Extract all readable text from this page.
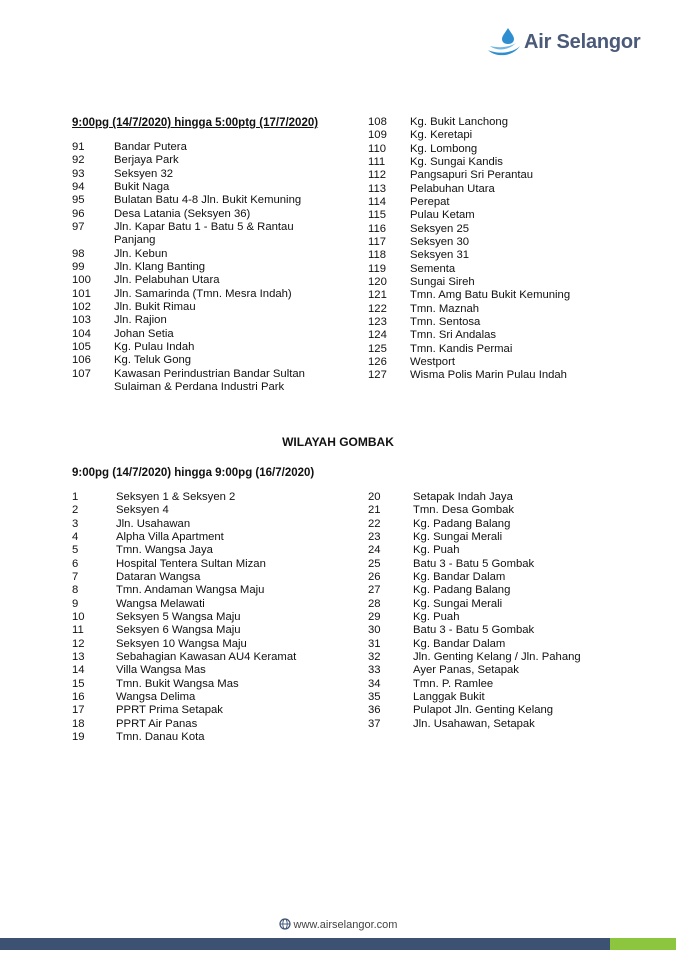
Air Selangor
9:00pg (14/7/2020) hingga 5:00ptg (17/7/2020)
91	Bandar Putera
92	Berjaya Park
93	Seksyen 32
94	Bukit Naga
95	Bulatan Batu 4-8 Jln. Bukit Kemuning
96	Desa Latania (Seksyen 36)
97	Jln. Kapar Batu 1 - Batu 5 & Rantau Panjang
98	Jln. Kebun
99	Jln. Klang Banting
100	Jln. Pelabuhan Utara
101	Jln. Samarinda (Tmn. Mesra Indah)
102	Jln. Bukit Rimau
103	Jln. Rajion
104	Johan Setia
105	Kg. Pulau Indah
106	Kg. Teluk Gong
107	Kawasan Perindustrian Bandar Sultan Sulaiman & Perdana Industri Park
108	Kg. Bukit Lanchong
109	Kg. Keretapi
110	Kg. Lombong
111	Kg. Sungai Kandis
112	Pangsapuri Sri Perantau
113	Pelabuhan Utara
114	Perepat
115	Pulau Ketam
116	Seksyen 25
117	Seksyen 30
118	Seksyen 31
119	Sementa
120	Sungai Sireh
121	Tmn. Amg Batu Bukit Kemuning
122	Tmn. Maznah
123	Tmn. Sentosa
124	Tmn. Sri Andalas
125	Tmn. Kandis Permai
126	Westport
127	Wisma Polis Marin Pulau Indah
WILAYAH GOMBAK
9:00pg (14/7/2020) hingga 9:00pg (16/7/2020)
1	Seksyen 1 & Seksyen 2
2	Seksyen 4
3	Jln. Usahawan
4	Alpha Villa Apartment
5	Tmn. Wangsa Jaya
6	Hospital Tentera Sultan Mizan
7	Dataran Wangsa
8	Tmn. Andaman Wangsa Maju
9	Wangsa Melawati
10	Seksyen 5 Wangsa Maju
11	Seksyen 6 Wangsa Maju
12	Seksyen 10 Wangsa Maju
13	Sebahagian Kawasan AU4 Keramat
14	Villa Wangsa Mas
15	Tmn. Bukit Wangsa Mas
16	Wangsa Delima
17	PPRT Prima Setapak
18	PPRT Air Panas
19	Tmn. Danau Kota
20	Setapak Indah Jaya
21	Tmn. Desa Gombak
22	Kg. Padang Balang
23	Kg. Sungai Merali
24	Kg. Puah
25	Batu 3 - Batu 5 Gombak
26	Kg. Bandar Dalam
27	Kg. Padang Balang
28	Kg. Sungai Merali
29	Kg. Puah
30	Batu 3 - Batu 5 Gombak
31	Kg. Bandar Dalam
32	Jln. Genting Kelang / Jln. Pahang
33	Ayer Panas, Setapak
34	Tmn. P. Ramlee
35	Langgak Bukit
36	Pulapot Jln. Genting Kelang
37	Jln. Usahawan, Setapak
www.airselangor.com
